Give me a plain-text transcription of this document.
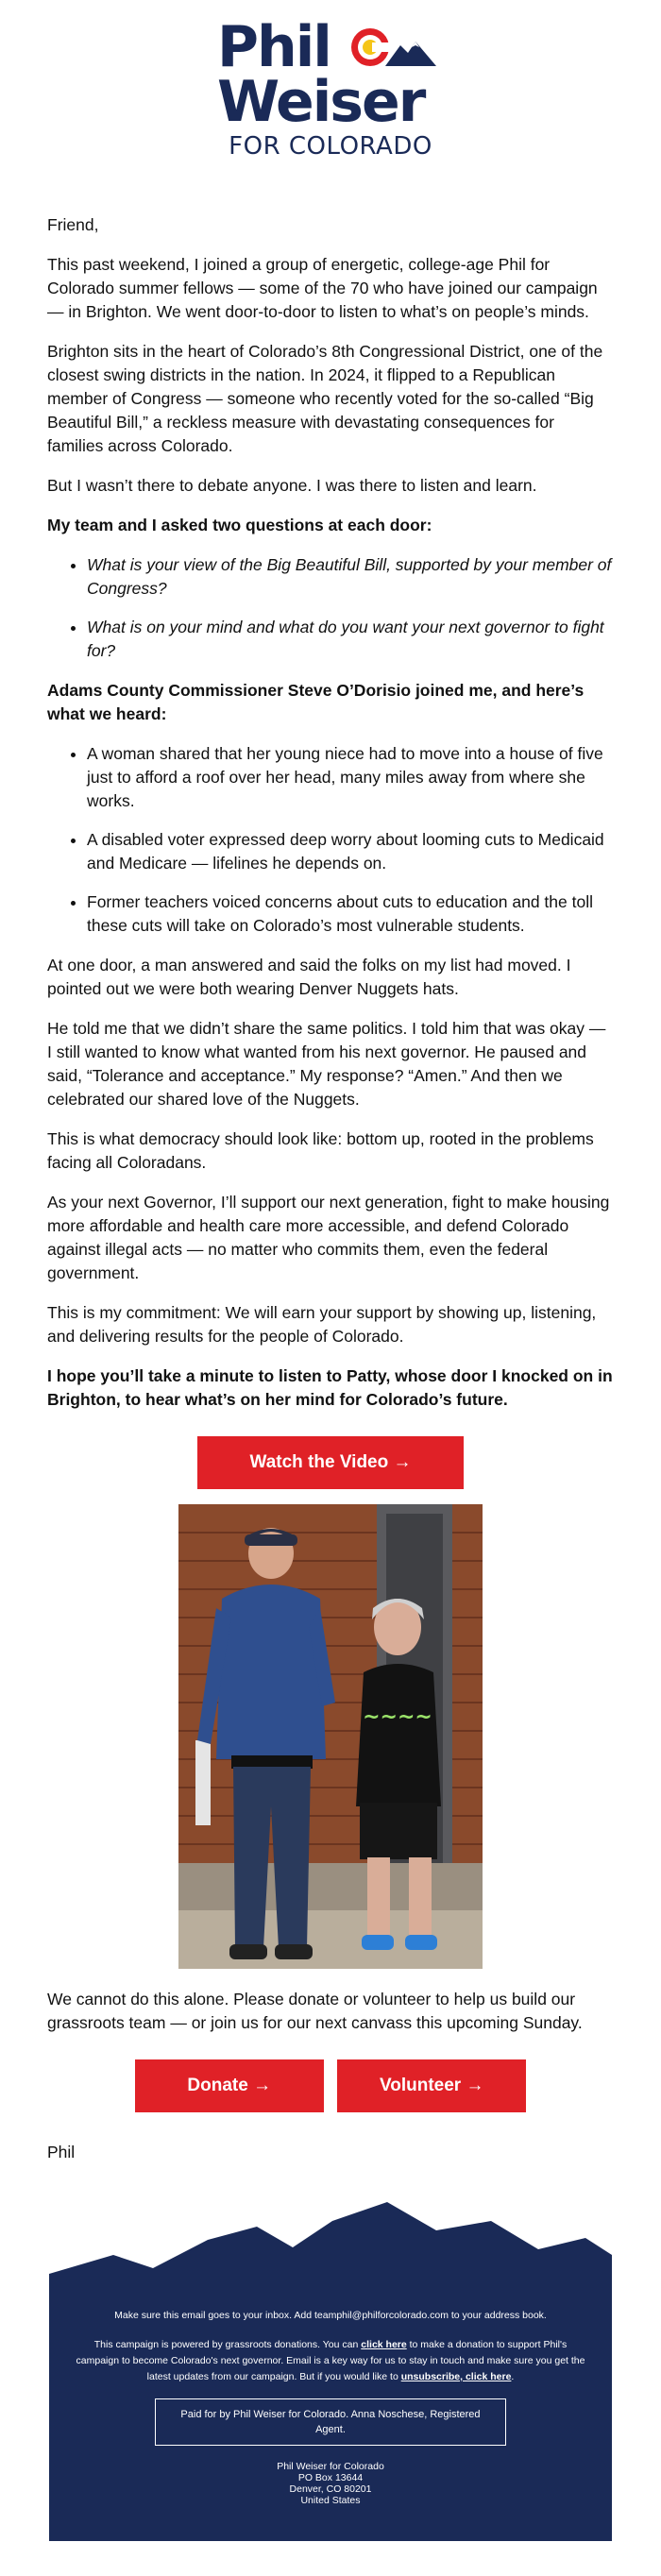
Phil
Weiser
FOR COLORADO

Friend,

This past weekend, I joined a group of energetic, college-age Phil for Colorado summer fellows — some of the 70 who have joined our campaign — in Brighton. We went door-to-door to listen to what’s on people’s minds.

Brighton sits in the heart of Colorado’s 8th Congressional District, one of the closest swing districts in the nation. In 2024, it flipped to a Republican member of Congress — someone who recently voted for the so-called “Big Beautiful Bill,” a reckless measure with devastating consequences for families across Colorado.

But I wasn’t there to debate anyone. I was there to listen and learn.

My team and I asked two questions at each door:

• What is your view of the Big Beautiful Bill, supported by your member of Congress?
• What is on your mind and what do you want your next governor to fight for?

Adams County Commissioner Steve O’Dorisio joined me, and here’s what we heard:

• A woman shared that her young niece had to move into a house of five just to afford a roof over her head, many miles away from where she works.
• A disabled voter expressed deep worry about looming cuts to Medicaid and Medicare — lifelines he depends on.
• Former teachers voiced concerns about cuts to education and the toll these cuts will take on Colorado’s most vulnerable students.

At one door, a man answered and said the folks on my list had moved. I pointed out we were both wearing Denver Nuggets hats.

He told me that we didn’t share the same politics. I told him that was okay — I still wanted to know what wanted from his next governor. He paused and said, “Tolerance and acceptance.” My response? “Amen.” And then we celebrated our shared love of the Nuggets.

This is what democracy should look like: bottom up, rooted in the problems facing all Coloradans.

As your next Governor, I’ll support our next generation, fight to make housing more affordable and health care more accessible, and defend Colorado against illegal acts — no matter who commits them, even the federal government.

This is my commitment: We will earn your support by showing up, listening, and delivering results for the people of Colorado.

I hope you’ll take a minute to listen to Patty, whose door I knocked on in Brighton, to hear what’s on her mind for Colorado’s future.

Watch the Video →
~~~~

We cannot do this alone. Please donate or volunteer to help us build our grassroots team — or join us for our next canvass this upcoming Sunday.

Donate →	Volunteer →

Phil

Make sure this email goes to your inbox. Add teamphil@philforcolorado.com to your address book.

This campaign is powered by grassroots donations. You can click here to make a donation to support Phil's campaign to become Colorado's next governor. Email is a key way for us to stay in touch and make sure you get the latest updates from our campaign. But if you would like to unsubscribe, click here.

Paid for by Phil Weiser for Colorado. Anna Noschese, Registered Agent.
Phil Weiser for Colorado
PO Box 13644
Denver, CO 80201
United States
